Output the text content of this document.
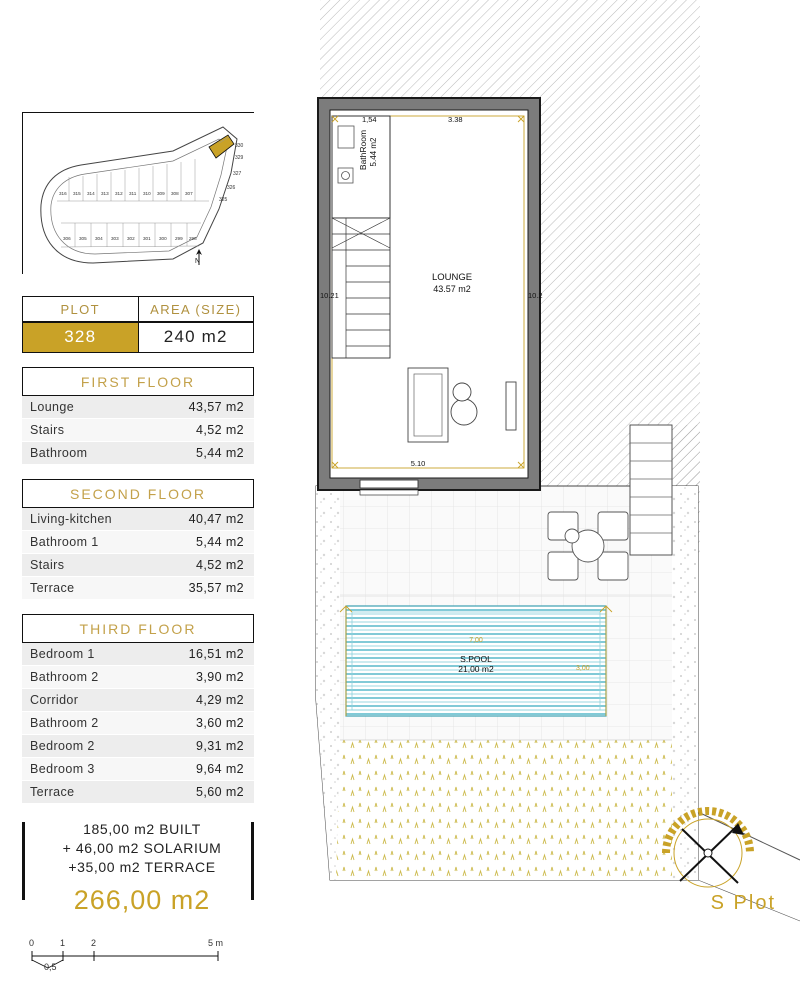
N
330
329
327
326
325
316 315 314 313 312 311 310 309 308 307
306 305 304 303 302 301 300 299 298
PLOT	AREA (SIZE)
328	240 m2
FIRST FLOOR
Lounge	43,57 m2
Stairs	4,52 m2
Bathroom	5,44 m2
SECOND FLOOR
Living-kitchen	40,47 m2
Bathroom 1	5,44 m2
Stairs	4,52 m2
Terrace	35,57 m2
THIRD FLOOR
Bedroom 1	16,51 m2
Bathroom 2	3,90 m2
Corridor	4,29 m2
Bathroom 2	3,60 m2
Bedroom 2	9,31 m2
Bedroom 3	9,64 m2
Terrace	5,60 m2
185,00 m2 BUILT
+ 46,00 m2 SOLARIUM
+35,00 m2 TERRACE
266,00 m2
0	1	2	5 m
0,5
LOUNGE
43.57 m2
BathRoom 5.44 m2
S.POOL
21,00 m2
1,54	3.38
10.21	10.2
5.10
7,00
3,00
S Plot
